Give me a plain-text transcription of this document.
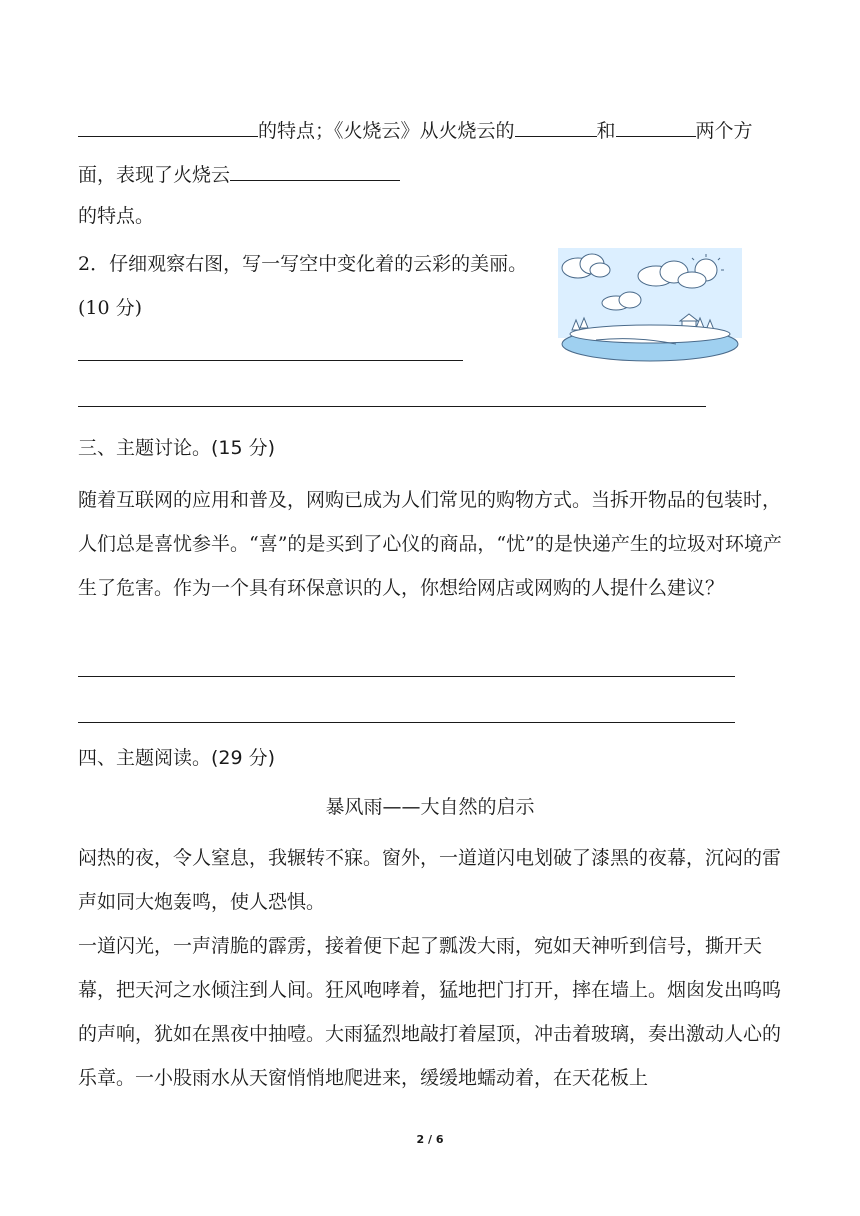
的特点；《火烧云》从火烧云的	和	两个方
面，表现了火烧云
的特点。
2．仔细观察右图，写一写空中变化着的云彩的美丽。
(10 分)
三、主题讨论。(15 分)
随着互联网的应用和普及，网购已成为人们常见的购物方式。当拆开物品的包装时，人们总是喜忧参半。“喜”的是买到了心仪的商品，“忧”的是快递产生的垃圾对环境产生了危害。作为一个具有环保意识的人，你想给网店或网购的人提什么建议？
四、主题阅读。(29 分)
暴风雨——大自然的启示
闷热的夜，令人窒息，我辗转不寐。窗外，一道道闪电划破了漆黑的夜幕，沉闷的雷声如同大炮轰鸣，使人恐惧。
一道闪光，一声清脆的霹雳，接着便下起了瓢泼大雨，宛如天神听到信号，撕开天幕，把天河之水倾注到人间。狂风咆哮着，猛地把门打开，摔在墙上。烟囱发出呜呜的声响，犹如在黑夜中抽噎。大雨猛烈地敲打着屋顶，冲击着玻璃，奏出激动人心的乐章。一小股雨水从天窗悄悄地爬进来，缓缓地蠕动着，在天花板上
2 / 6
